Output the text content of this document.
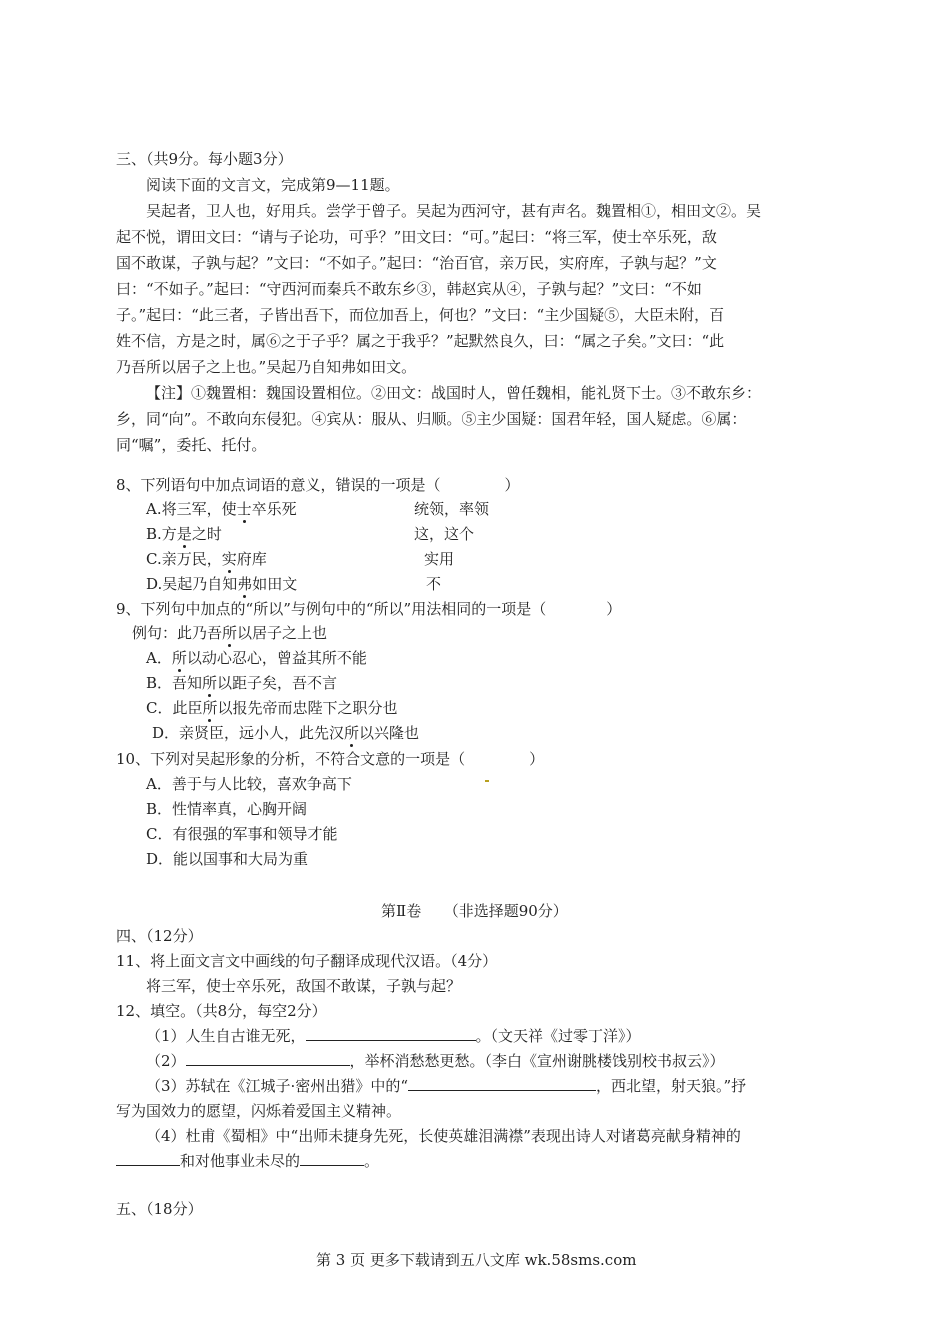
三、（共9分。每小题3分）
阅读下面的文言文，完成第9—11题。
吴起者，卫人也，好用兵。尝学于曾子。吴起为西河守，甚有声名。魏置相①，相田文②。吴
起不悦，谓田文曰：“请与子论功，可乎？”田文曰：“可。”起曰：“将三军，使士卒乐死，敌
国不敢谋，子孰与起？”文曰：“不如子。”起曰：“治百官，亲万民，实府库，子孰与起？”文
曰：“不如子。”起曰：“守西河而秦兵不敢东乡③，韩赵宾从④，子孰与起？”文曰：“不如
子。”起曰：“此三者，子皆出吾下，而位加吾上，何也？”文曰：“主少国疑⑤，大臣未附，百
姓不信，方是之时，属⑥之于子乎？属之于我乎？”起默然良久，曰：“属之子矣。”文曰：“此
乃吾所以居子之上也。”吴起乃自知弗如田文。
【注】①魏置相：魏国设置相位。②田文：战国时人，曾任魏相，能礼贤下士。③不敢东乡：
乡，同“向”。不敢向东侵犯。④宾从：服从、归顺。⑤主少国疑：国君年轻，国人疑虑。⑥属：
同“嘱”，委托、托付。
8、下列语句中加点词语的意义，错误的一项是（	）
A.将三军，使士卒乐死	统领，率领
B.方是之时	这，这个
C.亲万民，实府库	实用
D.吴起乃自知弗如田文	不
9、下列句中加点的“所以”与例句中的“所以”用法相同的一项是（	）
例句：此乃吾所以居子之上也
A．所以动心忍心，曾益其所不能
B．吾知所以距子矣，吾不言
C．此臣所以报先帝而忠陛下之职分也
D．亲贤臣，远小人，此先汉所以兴隆也
10、下列对吴起形象的分析，不符合文意的一项是（	）
A．善于与人比较，喜欢争高下
B．性情率真，心胸开阔
C．有很强的军事和领导才能
D．能以国事和大局为重
第Ⅱ卷　　（非选择题90分）
四、（12分）
11、将上面文言文中画线的句子翻译成现代汉语。（4分）
将三军，使士卒乐死，敌国不敢谋，子孰与起？
12、填空。（共8分，每空2分）
（1）人生自古谁无死，	。（文天祥《过零丁洋》）
（2）	，举杯消愁愁更愁。（李白《宣州谢朓楼饯别校书叔云》）
（3）苏轼在《江城子·密州出猎》中的“	，西北望，射天狼。”抒
写为国效力的愿望，闪烁着爱国主义精神。
（4）杜甫《蜀相》中“出师未捷身先死，长使英雄泪满襟”表现出诗人对诸葛亮献身精神的
和对他事业未尽的	。
五、（18分）
第 3 页 更多下载请到五八文库 wk.58sms.com
